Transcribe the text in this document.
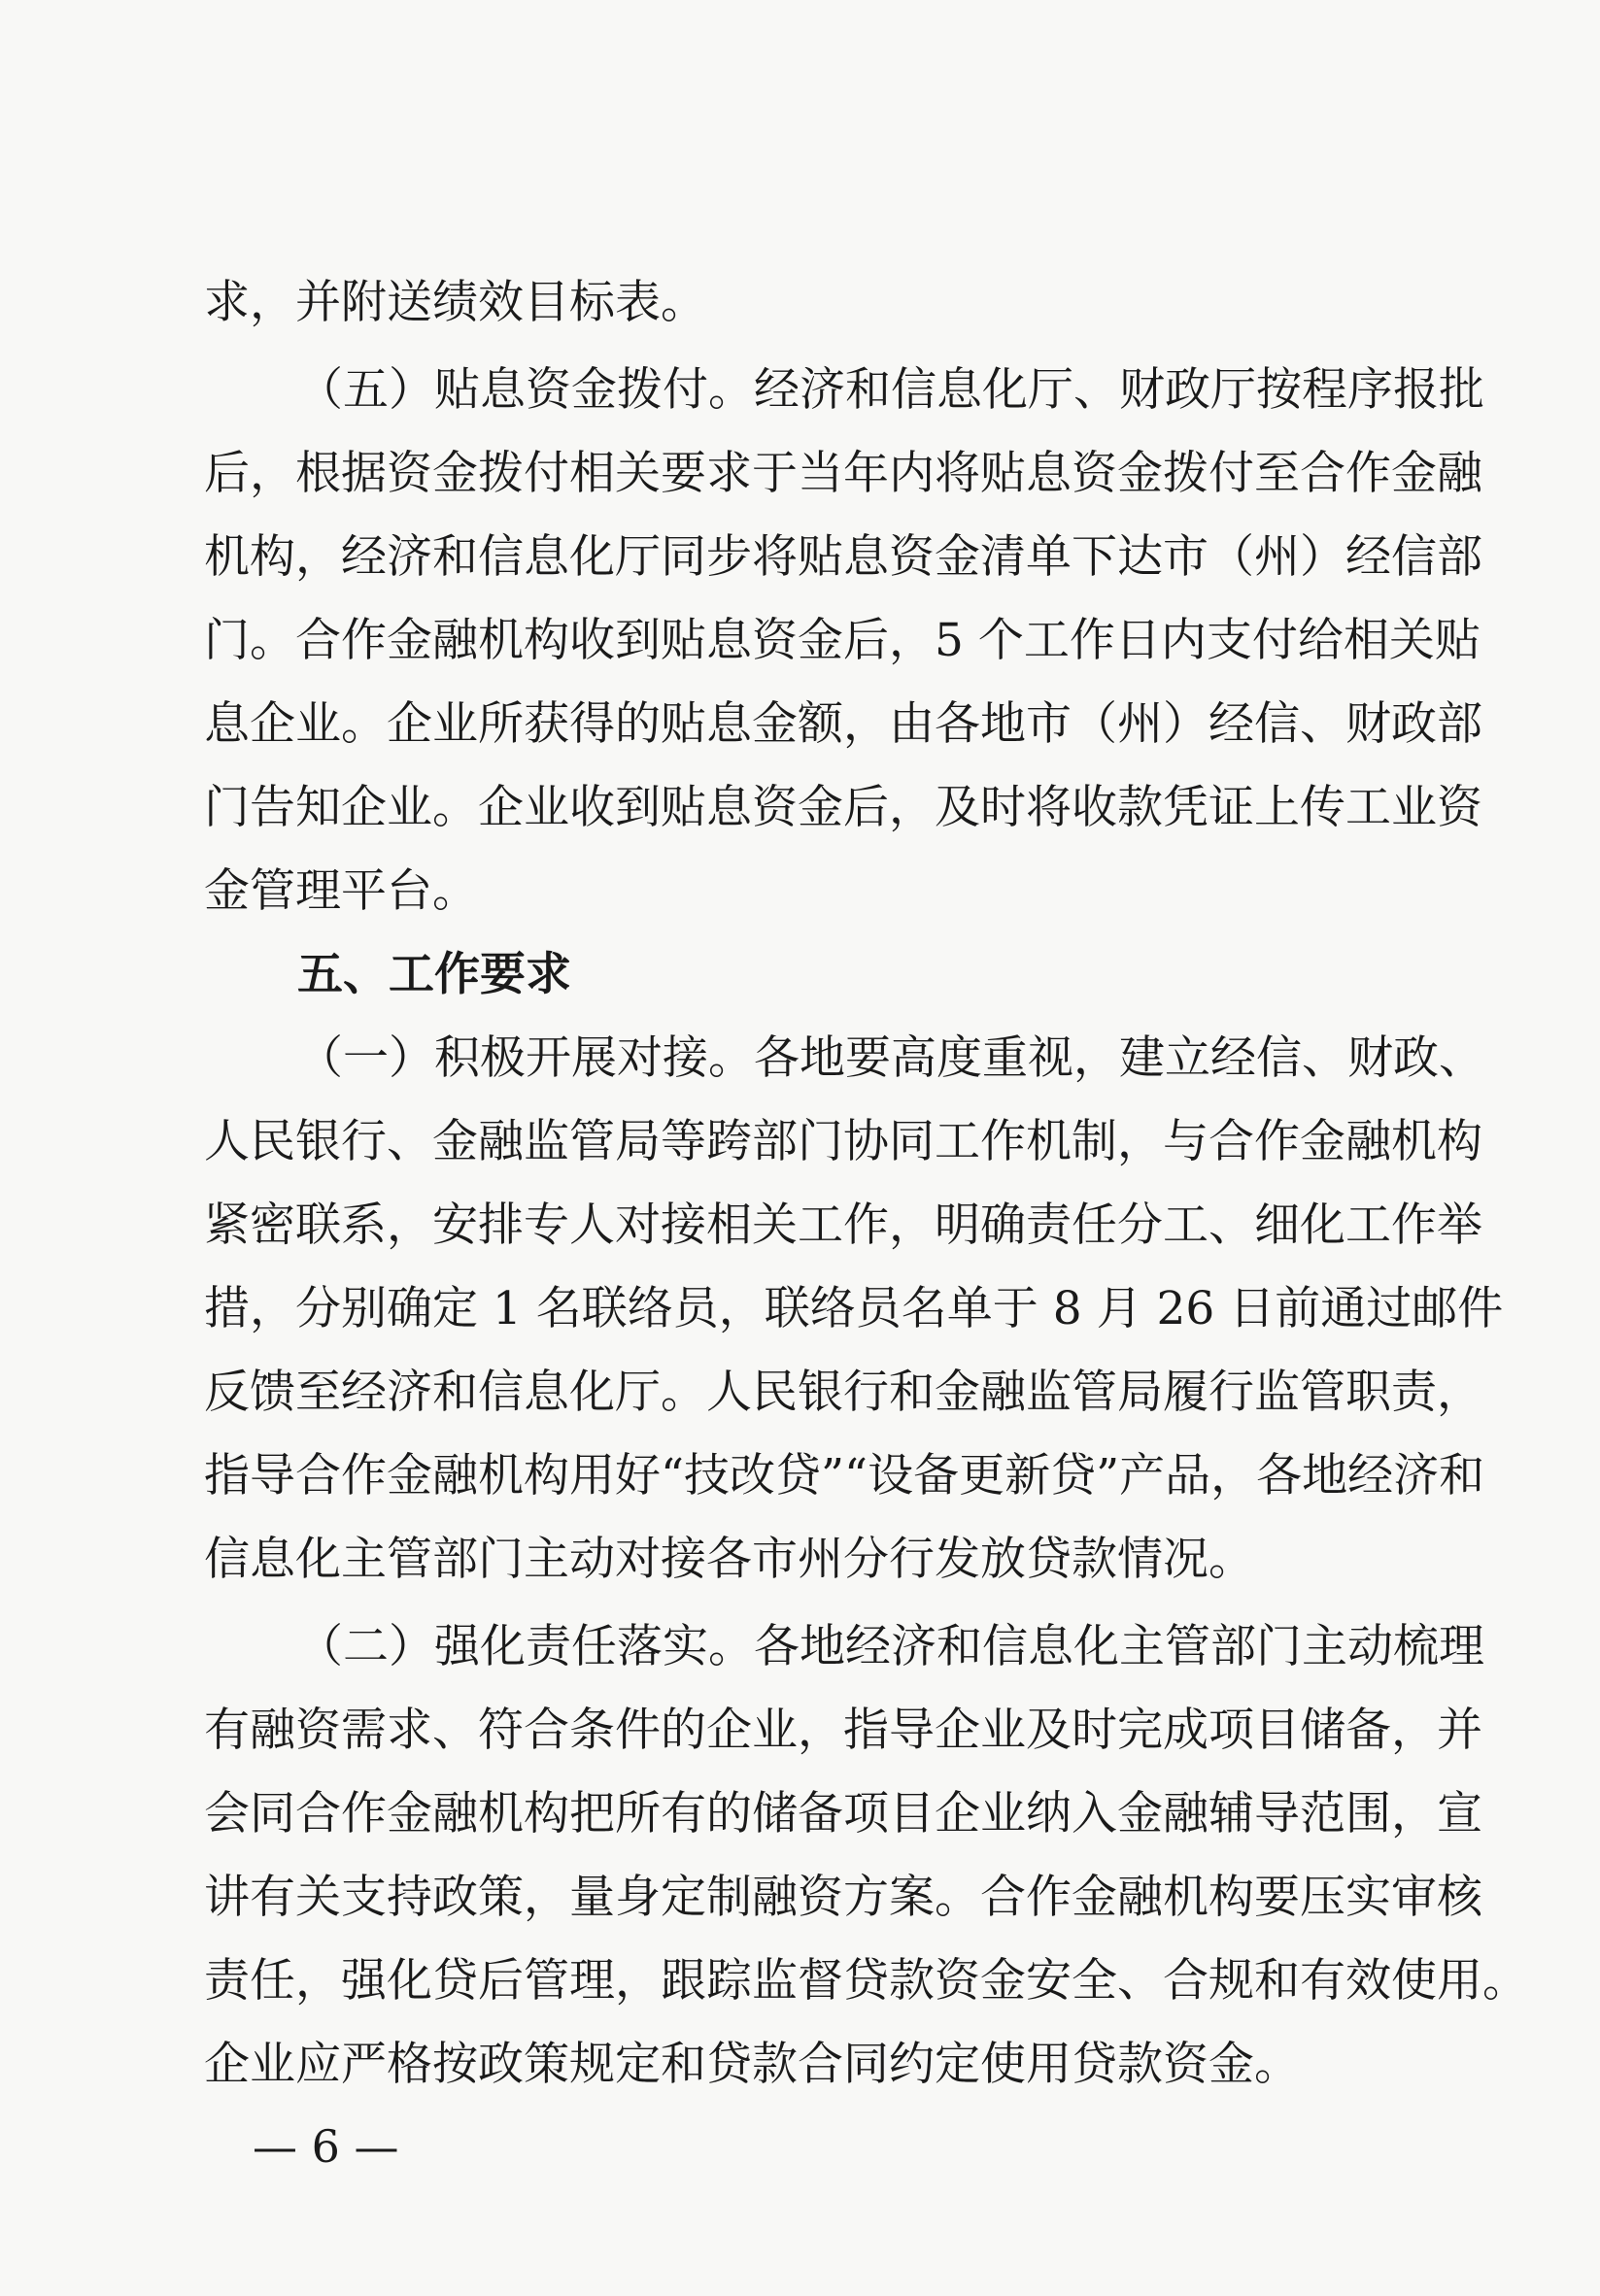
求，并附送绩效目标表。
（五）贴息资金拨付。经济和信息化厅、财政厅按程序报批
后，根据资金拨付相关要求于当年内将贴息资金拨付至合作金融
机构，经济和信息化厅同步将贴息资金清单下达市（州）经信部
门。合作金融机构收到贴息资金后，5 个工作日内支付给相关贴
息企业。企业所获得的贴息金额，由各地市（州）经信、财政部
门告知企业。企业收到贴息资金后，及时将收款凭证上传工业资
金管理平台。
五、工作要求
（一）积极开展对接。各地要高度重视，建立经信、财政、
人民银行、金融监管局等跨部门协同工作机制，与合作金融机构
紧密联系，安排专人对接相关工作，明确责任分工、细化工作举
措，分别确定 1 名联络员，联络员名单于 8 月 26 日前通过邮件
反馈至经济和信息化厅。人民银行和金融监管局履行监管职责，
指导合作金融机构用好“技改贷”“设备更新贷”产品，各地经济和
信息化主管部门主动对接各市州分行发放贷款情况。
（二）强化责任落实。各地经济和信息化主管部门主动梳理
有融资需求、符合条件的企业，指导企业及时完成项目储备，并
会同合作金融机构把所有的储备项目企业纳入金融辅导范围，宣
讲有关支持政策，量身定制融资方案。合作金融机构要压实审核
责任，强化贷后管理，跟踪监督贷款资金安全、合规和有效使用。
企业应严格按政策规定和贷款合同约定使用贷款资金。
— 6 —
